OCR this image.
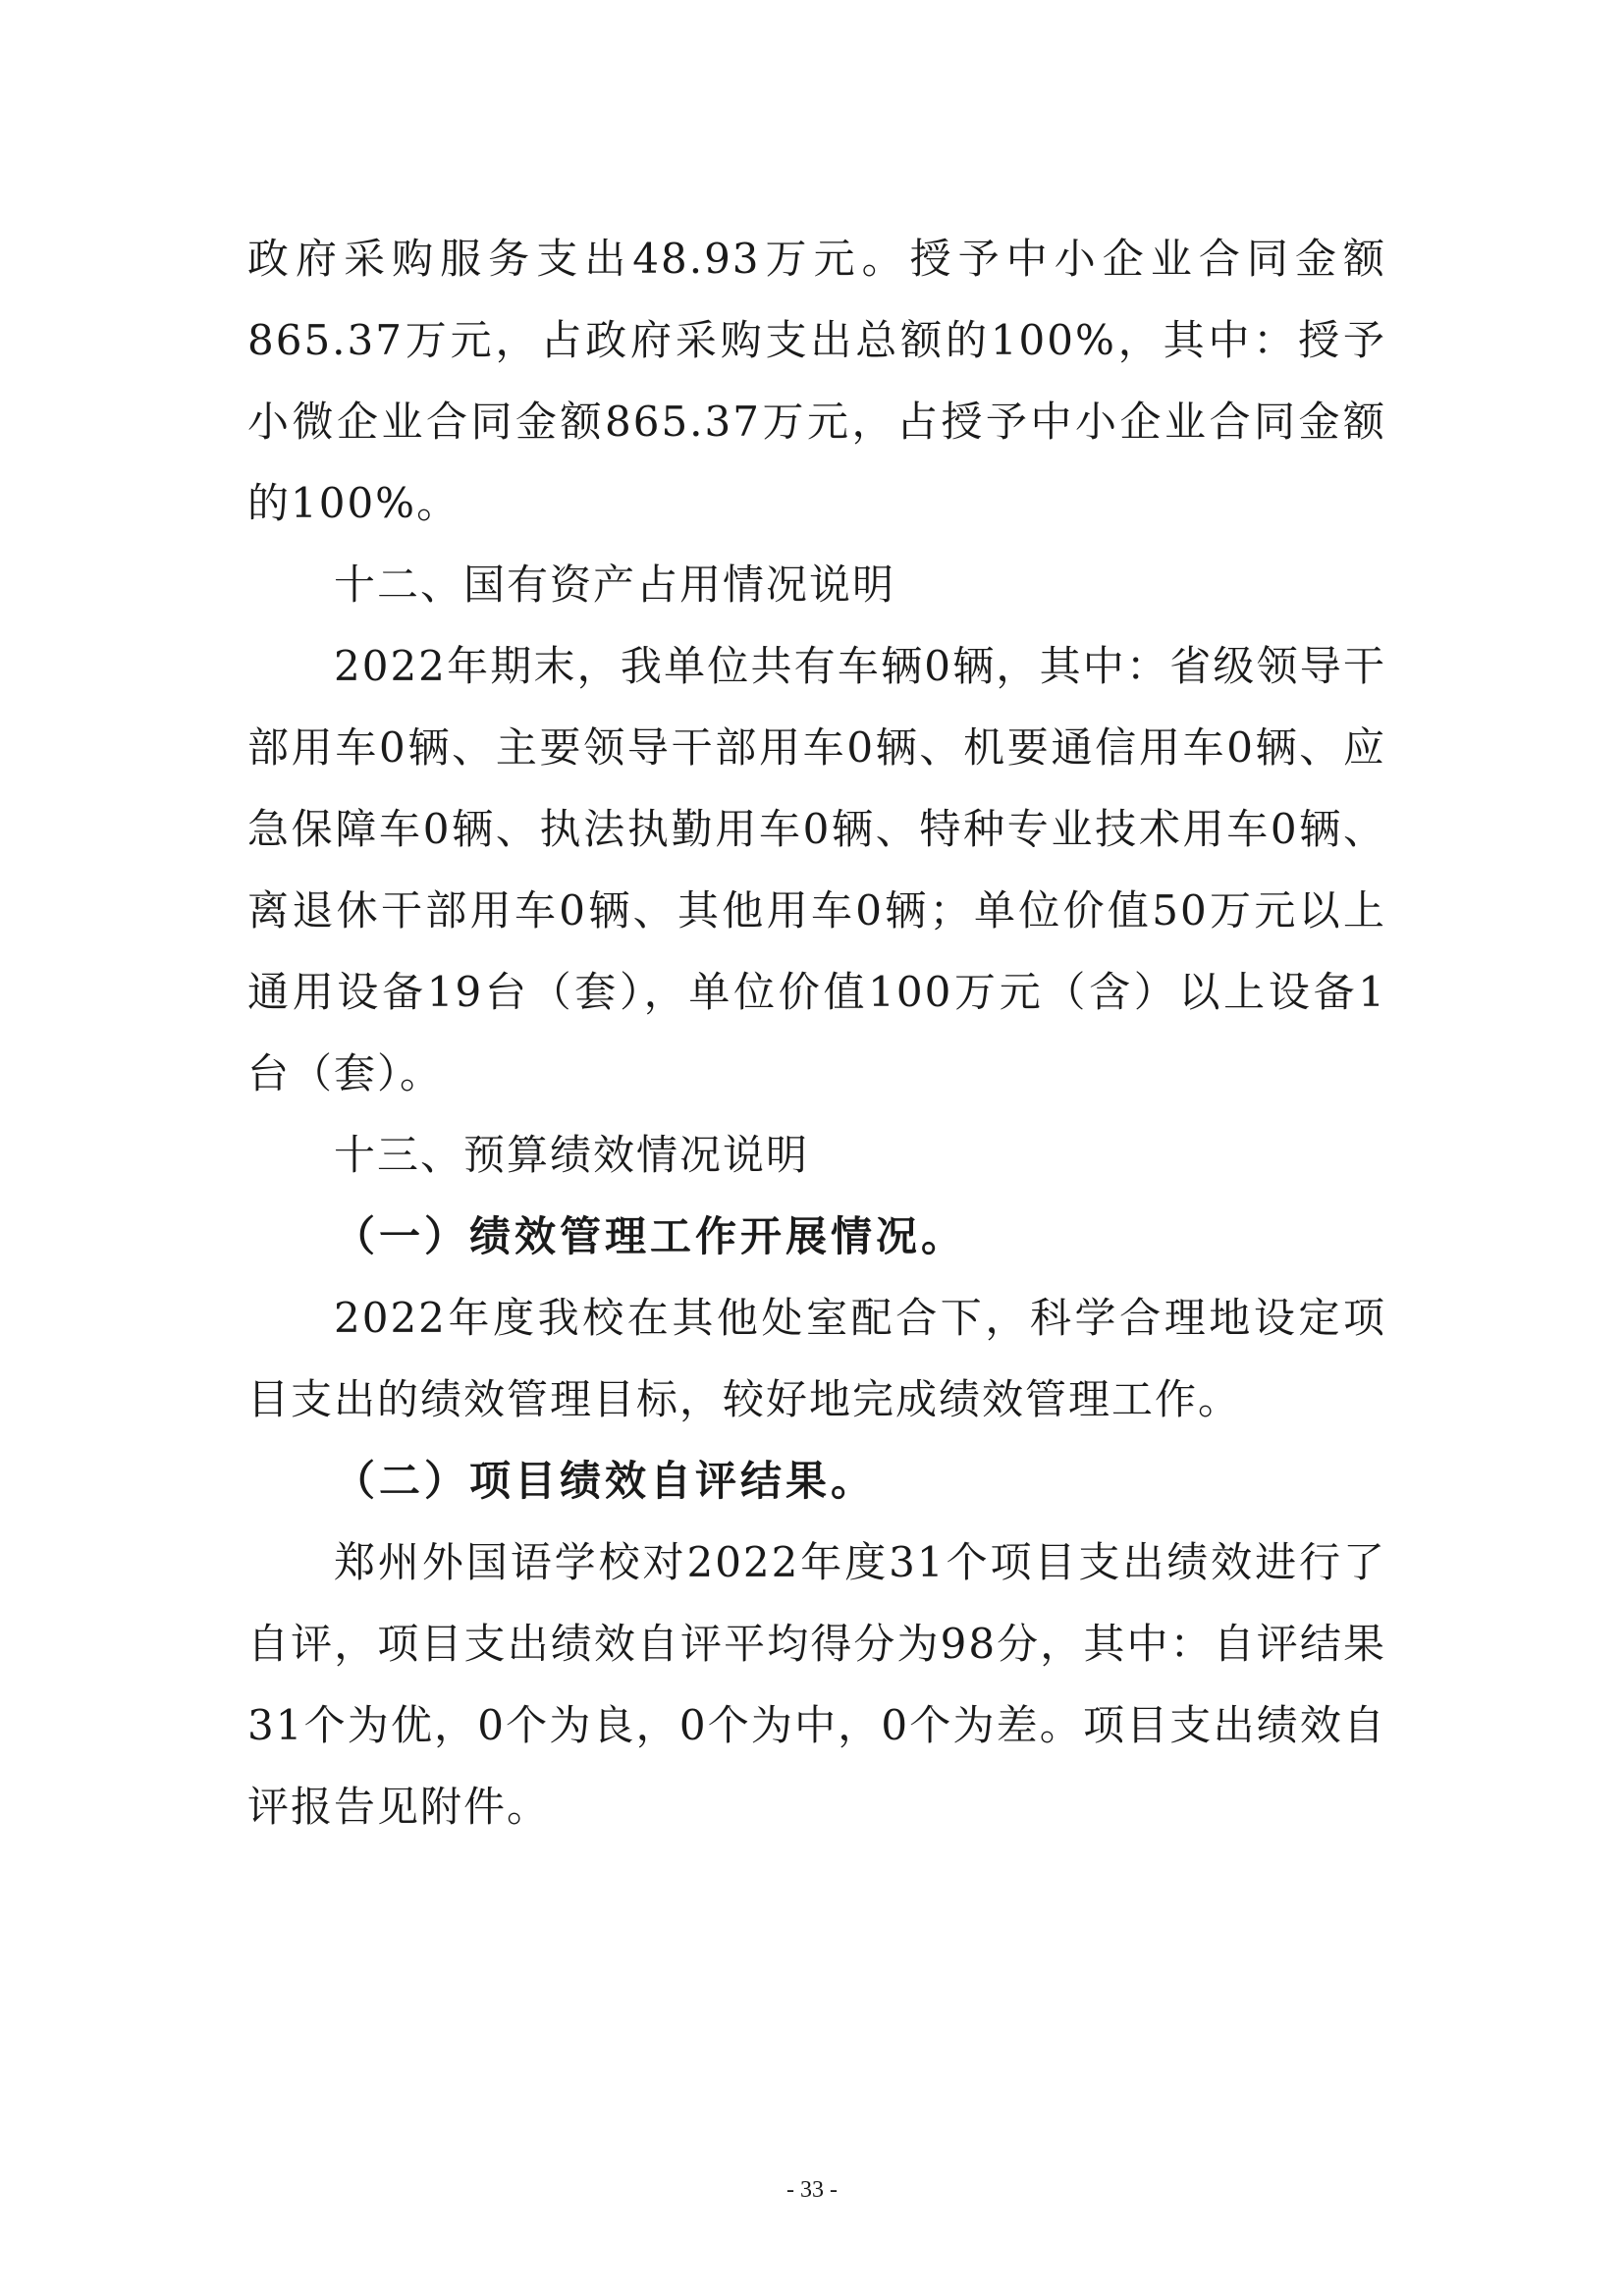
政府采购服务支出48.93万元。授予中小企业合同金额865.37万元，占政府采购支出总额的100%，其中：授予小微企业合同金额865.37万元，占授予中小企业合同金额的100%。

十二、国有资产占用情况说明

2022年期末，我单位共有车辆0辆，其中：省级领导干部用车0辆、主要领导干部用车0辆、机要通信用车0辆、应急保障车0辆、执法执勤用车0辆、特种专业技术用车0辆、离退休干部用车0辆、其他用车0辆；单位价值50万元以上通用设备19台（套），单位价值100万元（含）以上设备1台（套）。

十三、预算绩效情况说明
（一）绩效管理工作开展情况。

2022年度我校在其他处室配合下，科学合理地设定项目支出的绩效管理目标，较好地完成绩效管理工作。

（二）项目绩效自评结果。

郑州外国语学校对2022年度31个项目支出绩效进行了自评，项目支出绩效自评平均得分为98分，其中：自评结果31个为优，0个为良，0个为中，0个为差。项目支出绩效自评报告见附件。

- 33 -
